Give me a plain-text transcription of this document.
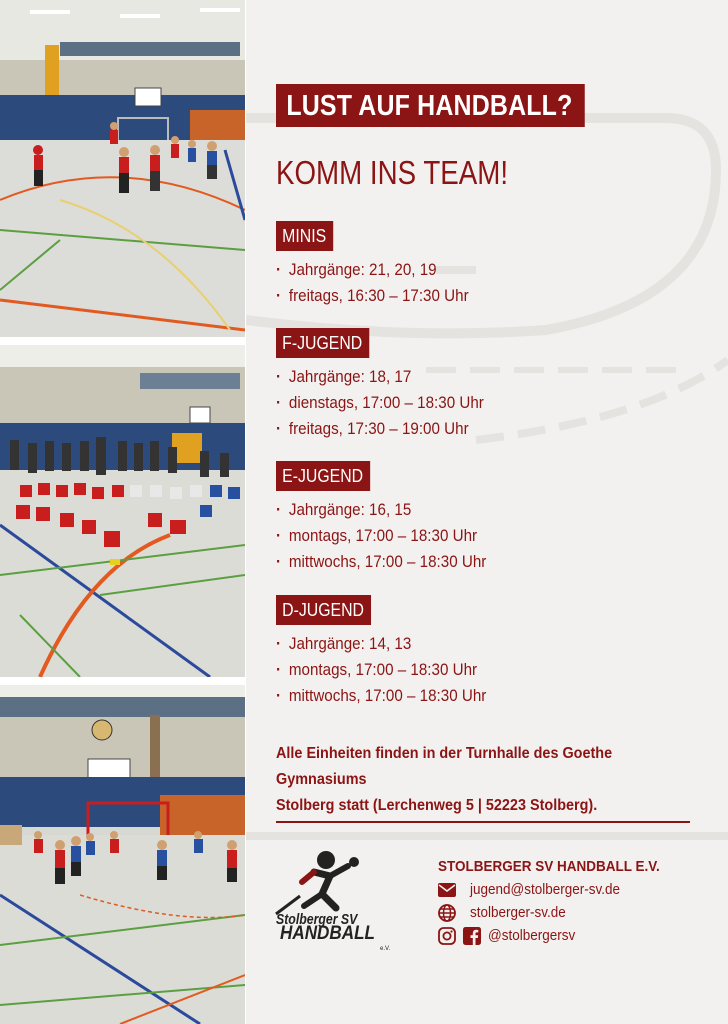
LUST AUF HANDBALL?
KOMM INS TEAM!
MINIS
· Jahrgänge: 21, 20, 19
· freitags, 16:30 – 17:30 Uhr
F-JUGEND
· Jahrgänge: 18, 17
· dienstags, 17:00 – 18:30 Uhr
· freitags, 17:30 – 19:00 Uhr
E-JUGEND
· Jahrgänge: 16, 15
· montags, 17:00 – 18:30 Uhr
· mittwochs, 17:00 – 18:30 Uhr
D-JUGEND
· Jahrgänge: 14, 13
· montags, 17:00 – 18:30 Uhr
· mittwochs, 17:00 – 18:30 Uhr
Alle Einheiten finden in der Turnhalle des Goethe Gymnasiums
Stolberg statt (Lerchenweg 5 | 52223 Stolberg).
Stolberger SV
HANDBALL
e.V.
STOLBERGER SV HANDBALL E.V.
jugend@stolberger-sv.de
stolberger-sv.de
@stolbergersv
